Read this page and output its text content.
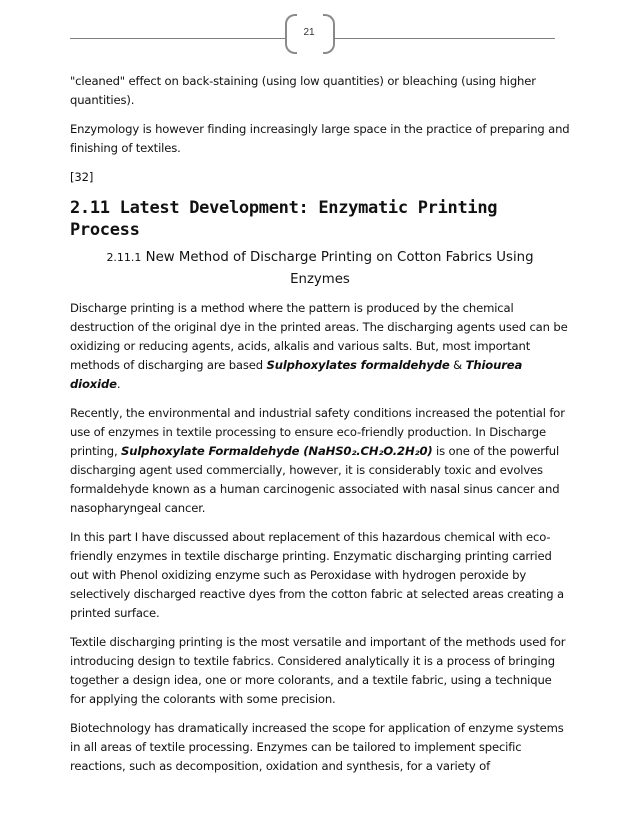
21

"cleaned" effect on back-staining (using low quantities) or bleaching (using higher quantities).

Enzymology is however finding increasingly large space in the practice of preparing and finishing of textiles.

[32]

2.11 Latest Development: Enzymatic Printing Process
2.11.1 New Method of Discharge Printing on Cotton Fabrics Using Enzymes

Discharge printing is a method where the pattern is produced by the chemical destruction of the original dye in the printed areas. The discharging agents used can be oxidizing or reducing agents, acids, alkalis and various salts. But, most important methods of discharging are based Sulphoxylates formaldehyde & Thiourea dioxide.

Recently, the environmental and industrial safety conditions increased the potential for use of enzymes in textile processing to ensure eco-friendly production. In Discharge printing, Sulphoxylate Formaldehyde (NaHS0₂.CH₂O.2H₂0) is one of the powerful discharging agent used commercially, however, it is considerably toxic and evolves formaldehyde known as a human carcinogenic associated with nasal sinus cancer and nasopharyngeal cancer.

In this part I have discussed about replacement of this hazardous chemical with eco- friendly enzymes in textile discharge printing. Enzymatic discharging printing carried out with Phenol oxidizing enzyme such as Peroxidase with hydrogen peroxide by selectively discharged reactive dyes from the cotton fabric at selected areas creating a printed surface.

Textile discharging printing is the most versatile and important of the methods used for introducing design to textile fabrics. Considered analytically it is a process of bringing together a design idea, one or more colorants, and a textile fabric, using a technique for applying the colorants with some precision.

Biotechnology has dramatically increased the scope for application of enzyme systems in all areas of textile processing. Enzymes can be tailored to implement specific reactions, such as decomposition, oxidation and synthesis, for a variety of
